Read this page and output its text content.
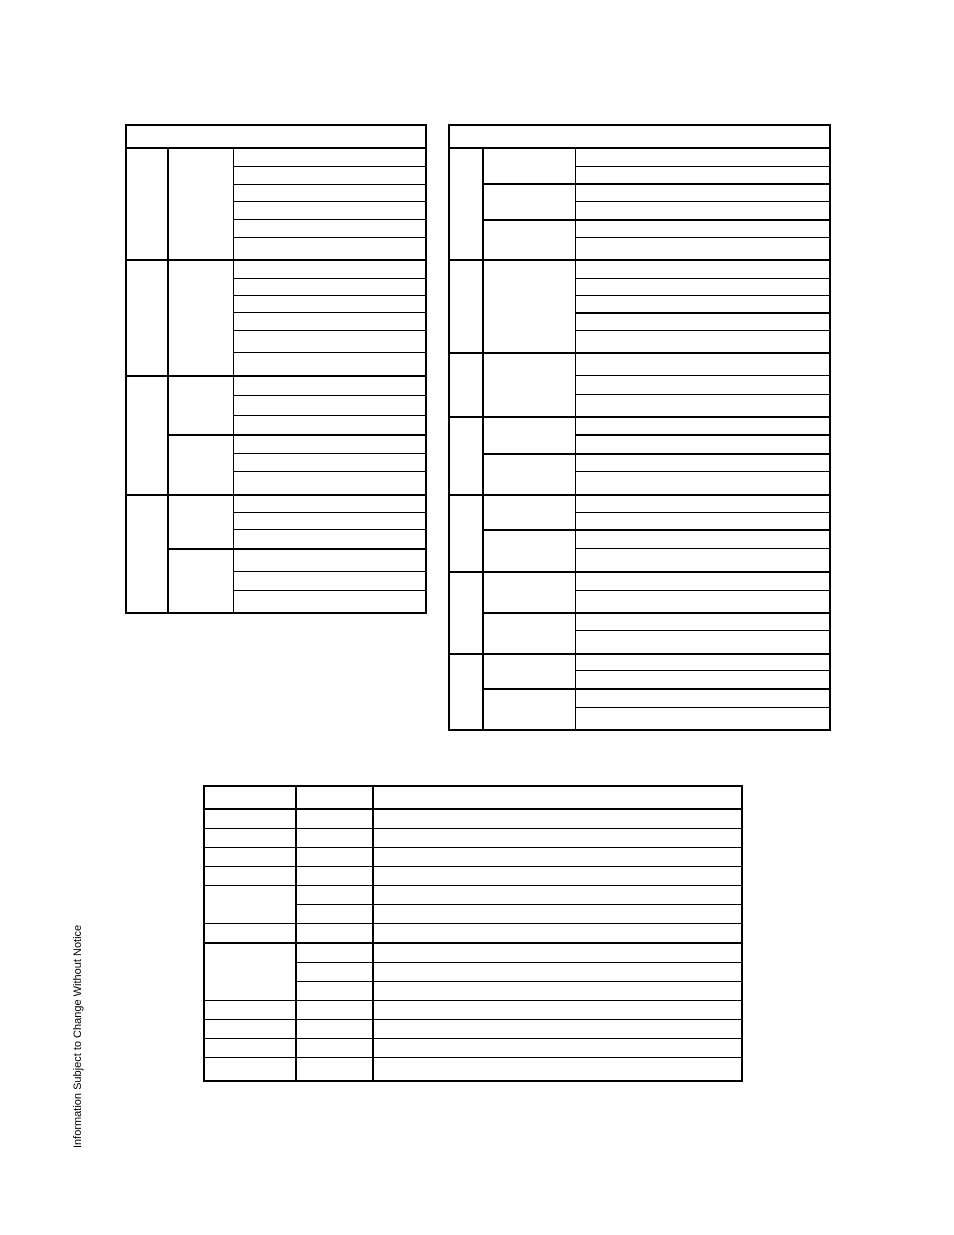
Information Subject to Change Without Notice
